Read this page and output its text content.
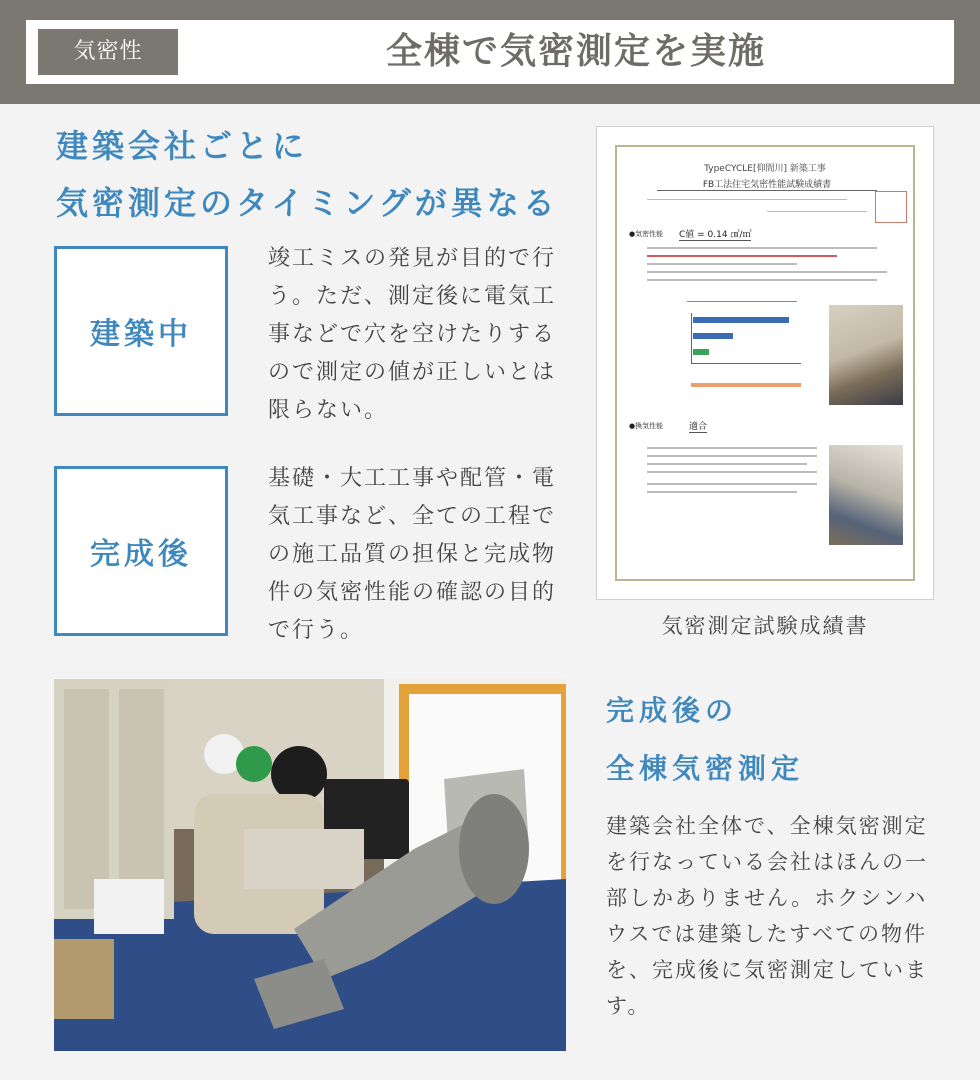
気密性	全棟で気密測定を実施
建築会社ごとに
気密測定のタイミングが異なる
建築中
竣工ミスの発見が目的で行う。ただ、測定後に電気工事などで穴を空けたりするので測定の値が正しいとは限らない。
完成後
基礎・大工工事や配管・電気工事など、全ての工程での施工品質の担保と完成物件の気密性能の確認の目的で行う。
TypeCYCLE[仰間川] 新築工事
FB工法住宅気密性能試験成績書
●気密性能 C値 = 0.14 ㎠/㎡
●換気性能	適合
気密測定試験成績書
完成後の
全棟気密測定
建築会社全体で、全棟気密測定を行なっている会社はほんの一部しかありません。ホクシンハウスでは建築したすべての物件を、完成後に気密測定しています。
